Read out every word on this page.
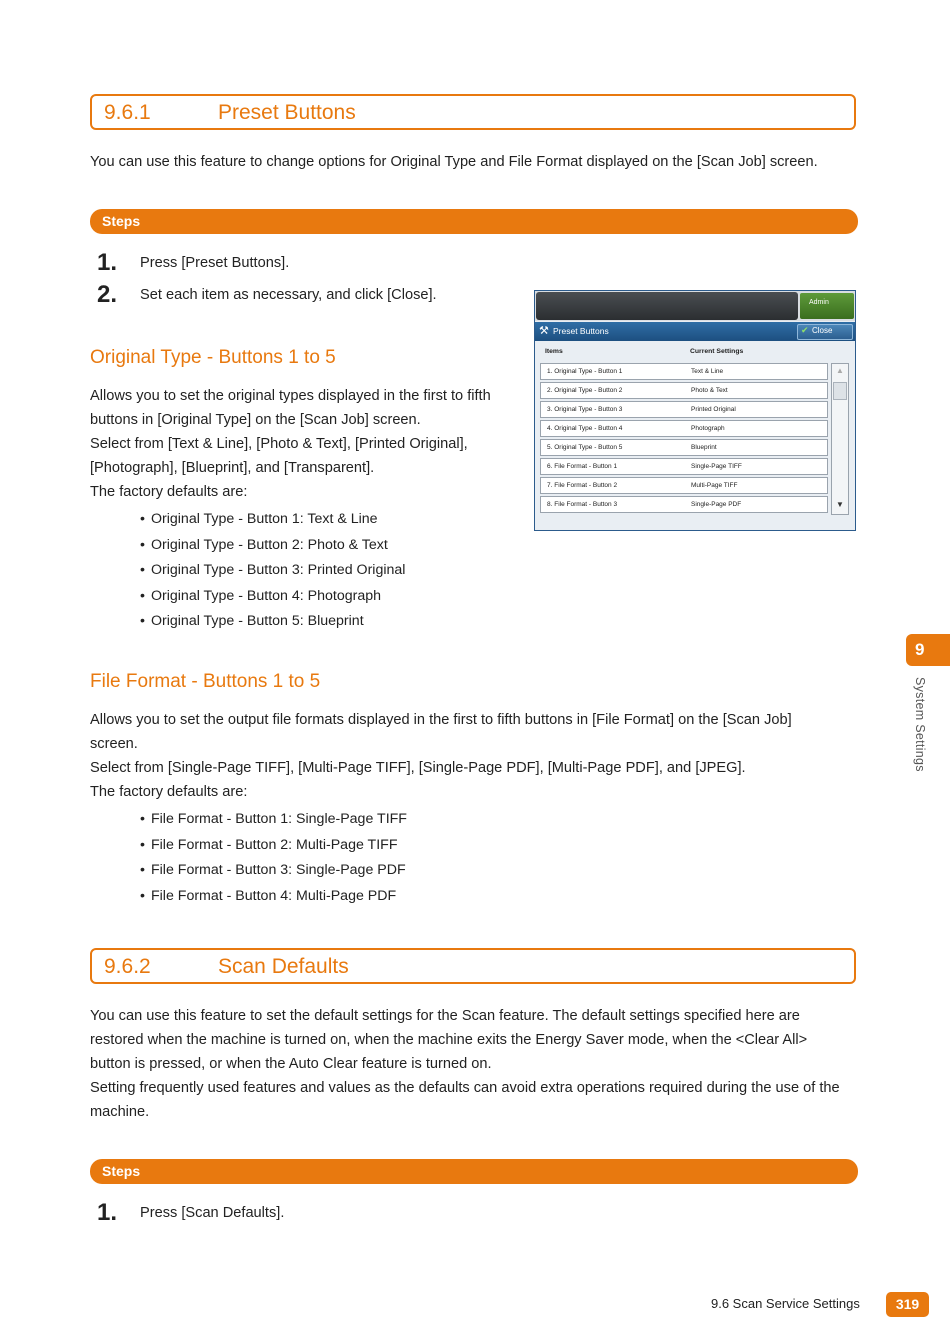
9.6.1	Preset Buttons
You can use this feature to change options for Original Type and File Format displayed on the [Scan Job] screen.
Steps
1. Press [Preset Buttons].
2. Set each item as necessary, and click [Close].
Original Type - Buttons 1 to 5
Allows you to set the original types displayed in the first to fifth
buttons in [Original Type] on the [Scan Job] screen.
Select from [Text & Line], [Photo & Text], [Printed Original],
[Photograph], [Blueprint], and [Transparent].
The factory defaults are:
• Original Type - Button 1: Text & Line
• Original Type - Button 2: Photo & Text
• Original Type - Button 3: Printed Original
• Original Type - Button 4: Photograph
• Original Type - Button 5: Blueprint
Admin
⚒ Preset Buttons	✔ Close
Items	Current Settings
1. Original Type - Button 1	Text & Line
2. Original Type - Button 2	Photo & Text
3. Original Type - Button 3	Printed Original
4. Original Type - Button 4	Photograph
5. Original Type - Button 5	Blueprint
6. File Format - Button 1	Single-Page TIFF
7. File Format - Button 2	Multi-Page TIFF
8. File Format - Button 3	Single-Page PDF
▲
▼
File Format - Buttons 1 to 5
Allows you to set the output file formats displayed in the first to fifth buttons in [File Format] on the [Scan Job]
screen.
Select from [Single-Page TIFF], [Multi-Page TIFF], [Single-Page PDF], [Multi-Page PDF], and [JPEG].
The factory defaults are:
• File Format - Button 1: Single-Page TIFF
• File Format - Button 2: Multi-Page TIFF
• File Format - Button 3: Single-Page PDF
• File Format - Button 4: Multi-Page PDF
9.6.2	Scan Defaults
You can use this feature to set the default settings for the Scan feature. The default settings specified here are
restored when the machine is turned on, when the machine exits the Energy Saver mode, when the <Clear All>
button is pressed, or when the Auto Clear feature is turned on.
Setting frequently used features and values as the defaults can avoid extra operations required during the use of the
machine.
Steps
1. Press [Scan Defaults].
9
System Settings
9.6 Scan Service Settings	319
